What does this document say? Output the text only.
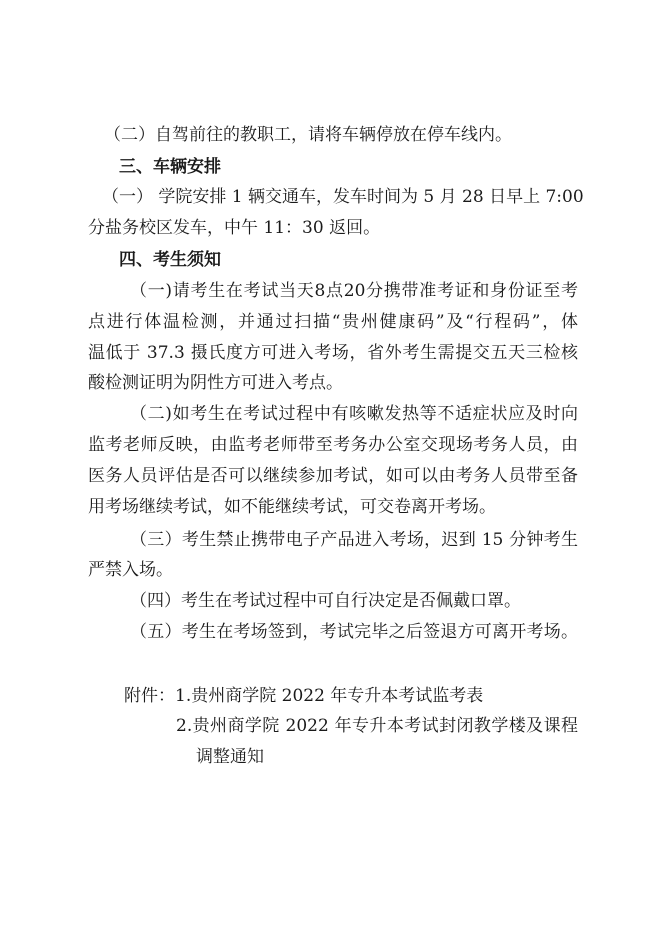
（二）自驾前往的教职工，请将车辆停放在停车线内。
三、车辆安排
（一） 学院安排 1 辆交通车，发车时间为 5 月 28 日早上 7:00
分盐务校区发车，中午 11：30 返回。
四、考生须知
（一)请考生在考试当天8点20分携带准考证和身份证至考
点进行体温检测，并通过扫描“贵州健康码”及“行程码”，体
温低于 37.3 摄氏度方可进入考场，省外考生需提交五天三检核
酸检测证明为阴性方可进入考点。
（二)如考生在考试过程中有咳嗽发热等不适症状应及时向
监考老师反映，由监考老师带至考务办公室交现场考务人员，由
医务人员评估是否可以继续参加考试，如可以由考务人员带至备
用考场继续考试，如不能继续考试，可交卷离开考场。
（三）考生禁止携带电子产品进入考场，迟到 15 分钟考生
严禁入场。
（四）考生在考试过程中可自行决定是否佩戴口罩。
（五）考生在考场签到，考试完毕之后签退方可离开考场。
附件：1.贵州商学院 2022 年专升本考试监考表
2.贵州商学院 2022 年专升本考试封闭教学楼及课程
调整通知
